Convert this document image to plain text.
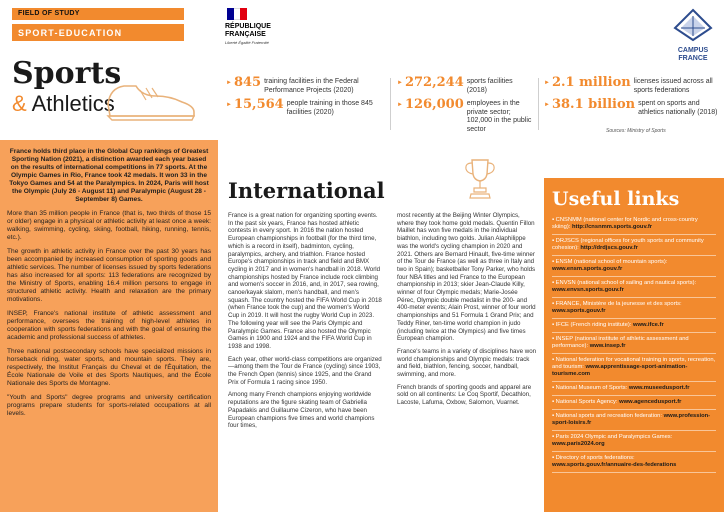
FIELD OF STUDY
SPORT-EDUCATION
Sports
& Athletics
RÉPUBLIQUE FRANÇAISE
Liberté Égalité Fraternité
CAMPUS FRANCE
► 845 training facilities in the Federal Performance Projects (2020)
► 15,564 people training in those 845 facilities (2020)
► 272,244 sports facilities (2018)
► 126,000 employees in the private sector; 102,000 in the public sector
► 2.1 million licenses issued across all sports federations
► 38.1 billion spent on sports and athletics nationally (2018)
Sources: Ministry of Sports

France holds third place in the Global Cup rankings of Greatest Sporting Nation (2021), a distinction awarded each year based on the results of international competitions in 77 sports. At the Olympic Games in Rio, France took 42 medals. It won 33 in the Tokyo Games and 54 at the Paralympics. In 2024, Paris will host the Olympic (July 26 - August 11) and Paralympic (August 28 - September 8) Games.

More than 35 million people in France (that is, two thirds of those 15 or older) engage in a physical or athletic activity at least once a week: walking, swimming, cycling, skiing, football, hiking, running, tennis, etc.).

The growth in athletic activity in France over the past 30 years has been accompanied by increased consumption of sporting goods and athletic services. The number of licenses issued by sports federations has also increased for all sports: 113 federations are recognized by the Ministry of Sports, enabling 16.4 million persons to engage in structured athletic activity. Health and relaxation are the primary motivations.

INSEP, France's national institute of athletic assessment and performance, oversees the training of high-level athletes in cooperation with sports federations and with the goal of ensuring the academic and professional success of athletes.

Three national postsecondary schools have specialized missions in horseback riding, water sports, and mountain sports. They are, respectively, the Institut Français du Cheval et de l'Équitation, the École Nationale de Voile et des Sports Nautiques, and the École Nationale des Sports de Montagne.

"Youth and Sports" degree programs and university certification programs prepare students for sports-related occupations at all levels.

International

France is a great nation for organizing sporting events. In the past six years, France has hosted athletic contests in every sport. In 2016 the nation hosted European championships in football (for the third time, which is a record in itself), badminton, cycling, paralympics, archery, and triathlon. France hosted Europe's championships in track and field and BMX cycling in 2017 and in women's handball in 2018. World championships hosted by France include rock climbing and women's soccer in 2016, and, in 2017, sea rowing, canoe/kayak slalom, men's handball, and men's squash. The country hosted the FIFA World Cup in 2018 (when France took the cup) and the women's World Cup in 2019. It will host the rugby World Cup in 2023. The following year will see the Paris Olympic and Paralympic Games. France also hosted the Olympic Games in 1900 and 1924 and the FIFA World Cup in 1938 and 1998.

Each year, other world-class competitions are organized—among them the Tour de France (cycling) since 1903, the French Open (tennis) since 1925, and the Grand Prix of Formula 1 racing since 1950.

Among many French champions enjoying worldwide reputations are the figure skating team of Gabriella Papadakis and Guillaume Cizeron, who have been European champions five times and world champions four times,

most recently at the Beijing Winter Olympics, where they took home gold medals. Quentin Fillon Maillet has won five medals in the individual biathlon, including two golds. Julian Alaphilippe was the world's cycling champion in 2020 and 2021. Others are Bernard Hinault, five-time winner of the Tour de France (as well as three in Italy and two in Spain); basketballer Tony Parker, who holds four NBA titles and led France to the European championship in 2013; skier Jean-Claude Killy, winner of four Olympic medals; Marie-Josée Pérec, Olympic double medalist in the 200- and 400-meter events; Alain Prost, winner of four world championships and 51 Formula 1 Grand Prix; and Teddy Riner, ten-time world champion in judo (including twice at the Olympics) and five times European champion.

France's teams in a variety of disciplines have won world championships and Olympic medals: track and field, biathlon, fencing, soccer, handball, swimming, and more.

French brands of sporting goods and apparel are sold on all continents: Le Coq Sportif, Decathlon, Lacoste, Lafuma, Oxbow, Salomon, Vuarnet.

Useful links
▪ CNSNMM (national center for Nordic and cross-country skiing): http://cnsnmm.sports.gouv.fr
▪ DRJSCS (regional offices for youth sports and community cohesion): http://drdjscs.gouv.fr
▪ ENSM (national school of mountain sports): www.ensm.sports.gouv.fr
▪ ENVSN (national school of sailing and nautical sports): www.envsn.sports.gouv.fr
▪ FRANCE, Ministère de la jeunesse et des sports: www.sports.gouv.fr
▪ IFCE (French riding institute): www.ifce.fr
▪ INSEP (national institute of athletic assessment and performance): www.insep.fr
▪ National federation for vocational training in sports, recreation, and tourism: www.apprentissage-sport-animation-tourisme.com
▪ National Museum of Sports: www.museedusport.fr
▪ National Sports Agency: www.agencedusport.fr
▪ National sports and recreation federation: www.profession-sport-loisirs.fr
▪ Paris 2024 Olympic and Paralympics Games: www.paris2024.org
▪ Directory of sports federations: www.sports.gouv.fr/annuaire-des-federations
